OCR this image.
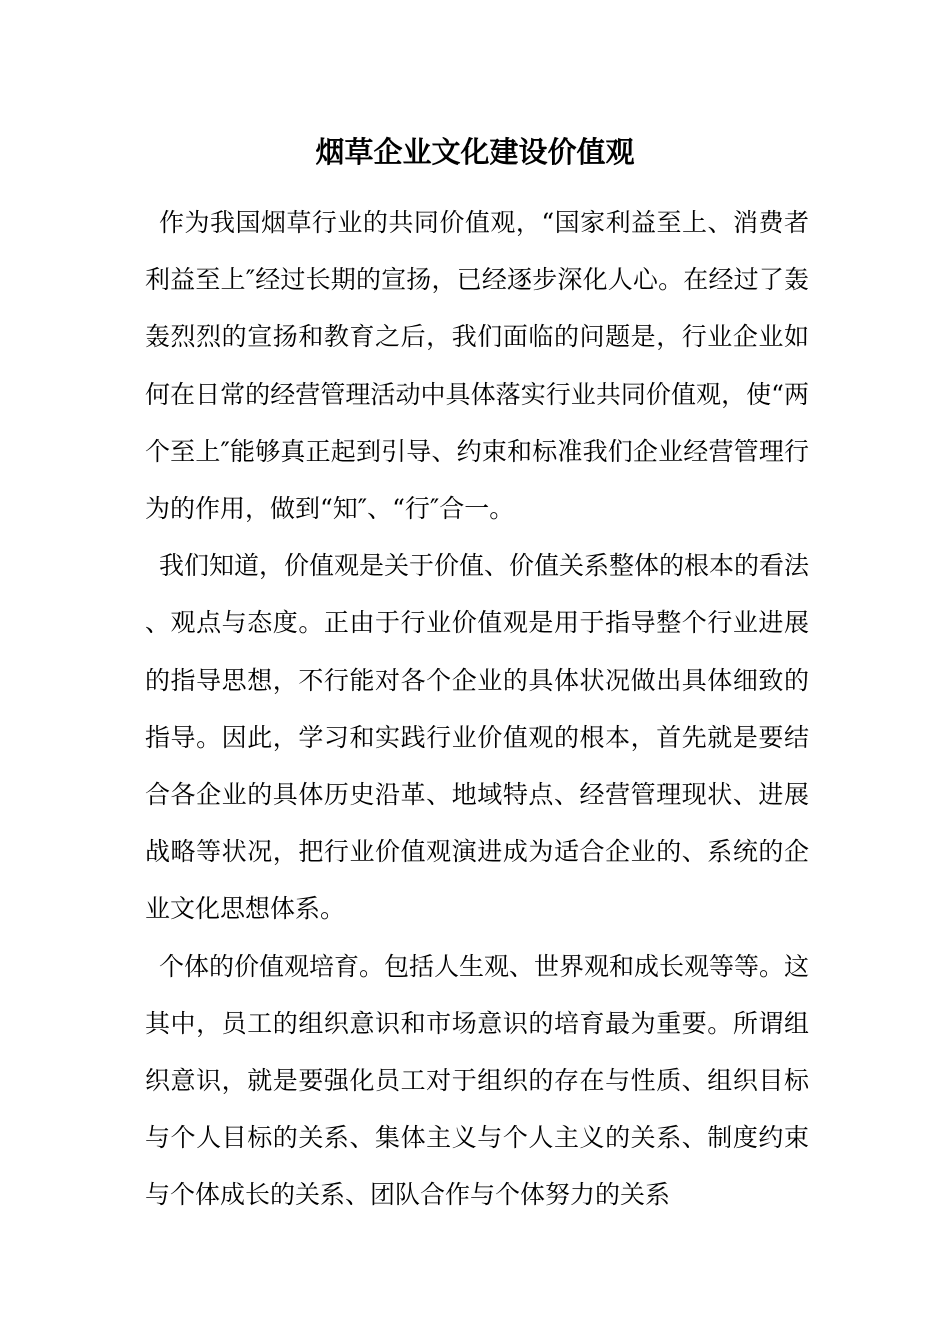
烟草企业文化建设价值观

作为我国烟草行业的共同价值观，“国家利益至上、消费者利益至上″经过长期的宣扬，已经逐步深化人心。在经过了轰轰烈烈的宣扬和教育之后，我们面临的问题是，行业企业如何在日常的经营管理活动中具体落实行业共同价值观，使“两个至上″能够真正起到引导、约束和标准我们企业经营管理行为的作用，做到“知″、“行″合一。

我们知道，价值观是关于价值、价值关系整体的根本的看法、观点与态度。正由于行业价值观是用于指导整个行业进展的指导思想，不行能对各个企业的具体状况做出具体细致的指导。因此，学习和实践行业价值观的根本，首先就是要结合各企业的具体历史沿革、地域特点、经营管理现状、进展战略等状况，把行业价值观演进成为适合企业的、系统的企业文化思想体系。

个体的价值观培育。包括人生观、世界观和成长观等等。这其中，员工的组织意识和市场意识的培育最为重要。所谓组织意识，就是要强化员工对于组织的存在与性质、组织目标与个人目标的关系、集体主义与个人主义的关系、制度约束与个体成长的关系、团队合作与个体努力的关系
